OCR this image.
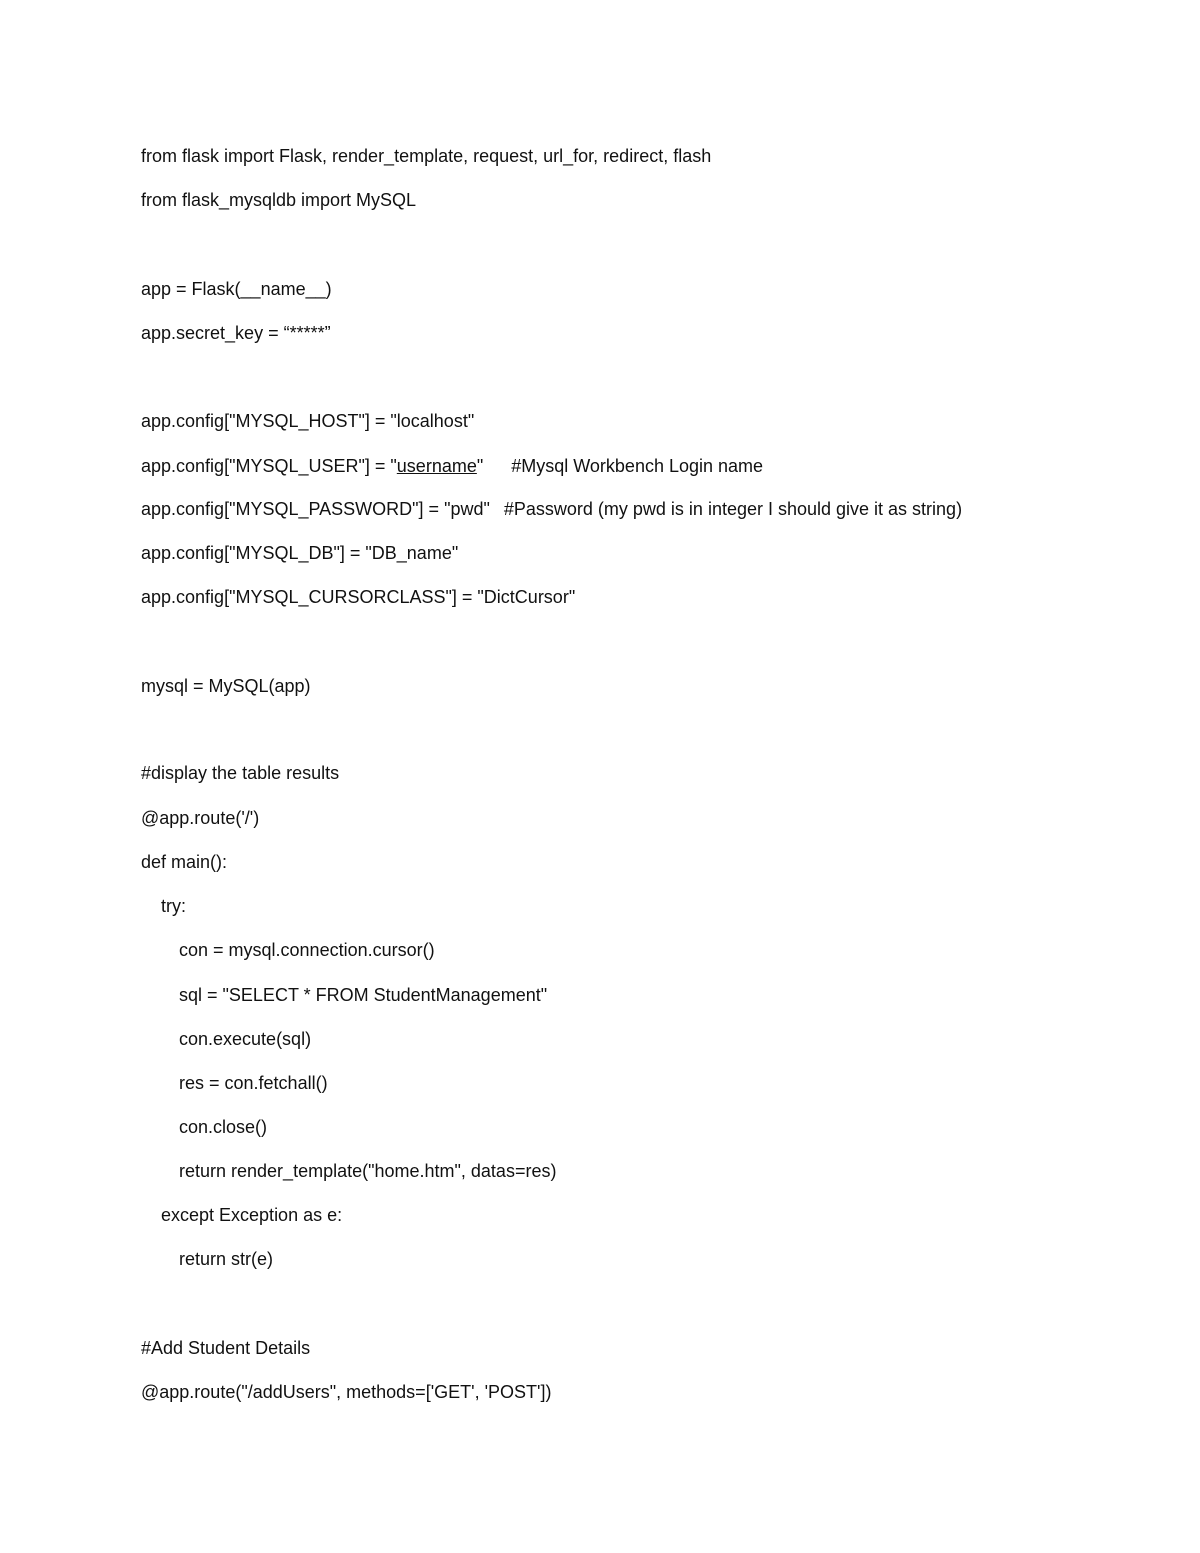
from flask import Flask, render_template, request, url_for, redirect, flash
from flask_mysqldb import MySQL
app = Flask(__name__)
app.secret_key = “*****”
app.config["MYSQL_HOST"] = "localhost"
app.config["MYSQL_USER"] = "username" #Mysql Workbench Login name
app.config["MYSQL_PASSWORD"] = "pwd" #Password (my pwd is in integer I should give it as string)
app.config["MYSQL_DB"] = "DB_name"
app.config["MYSQL_CURSORCLASS"] = "DictCursor"
mysql = MySQL(app)
#display the table results
@app.route('/')
def main():
try:
con = mysql.connection.cursor()
sql = "SELECT * FROM StudentManagement"
con.execute(sql)
res = con.fetchall()
con.close()
return render_template("home.htm", datas=res)
except Exception as e:
return str(e)
#Add Student Details
@app.route("/addUsers", methods=['GET', 'POST'])
